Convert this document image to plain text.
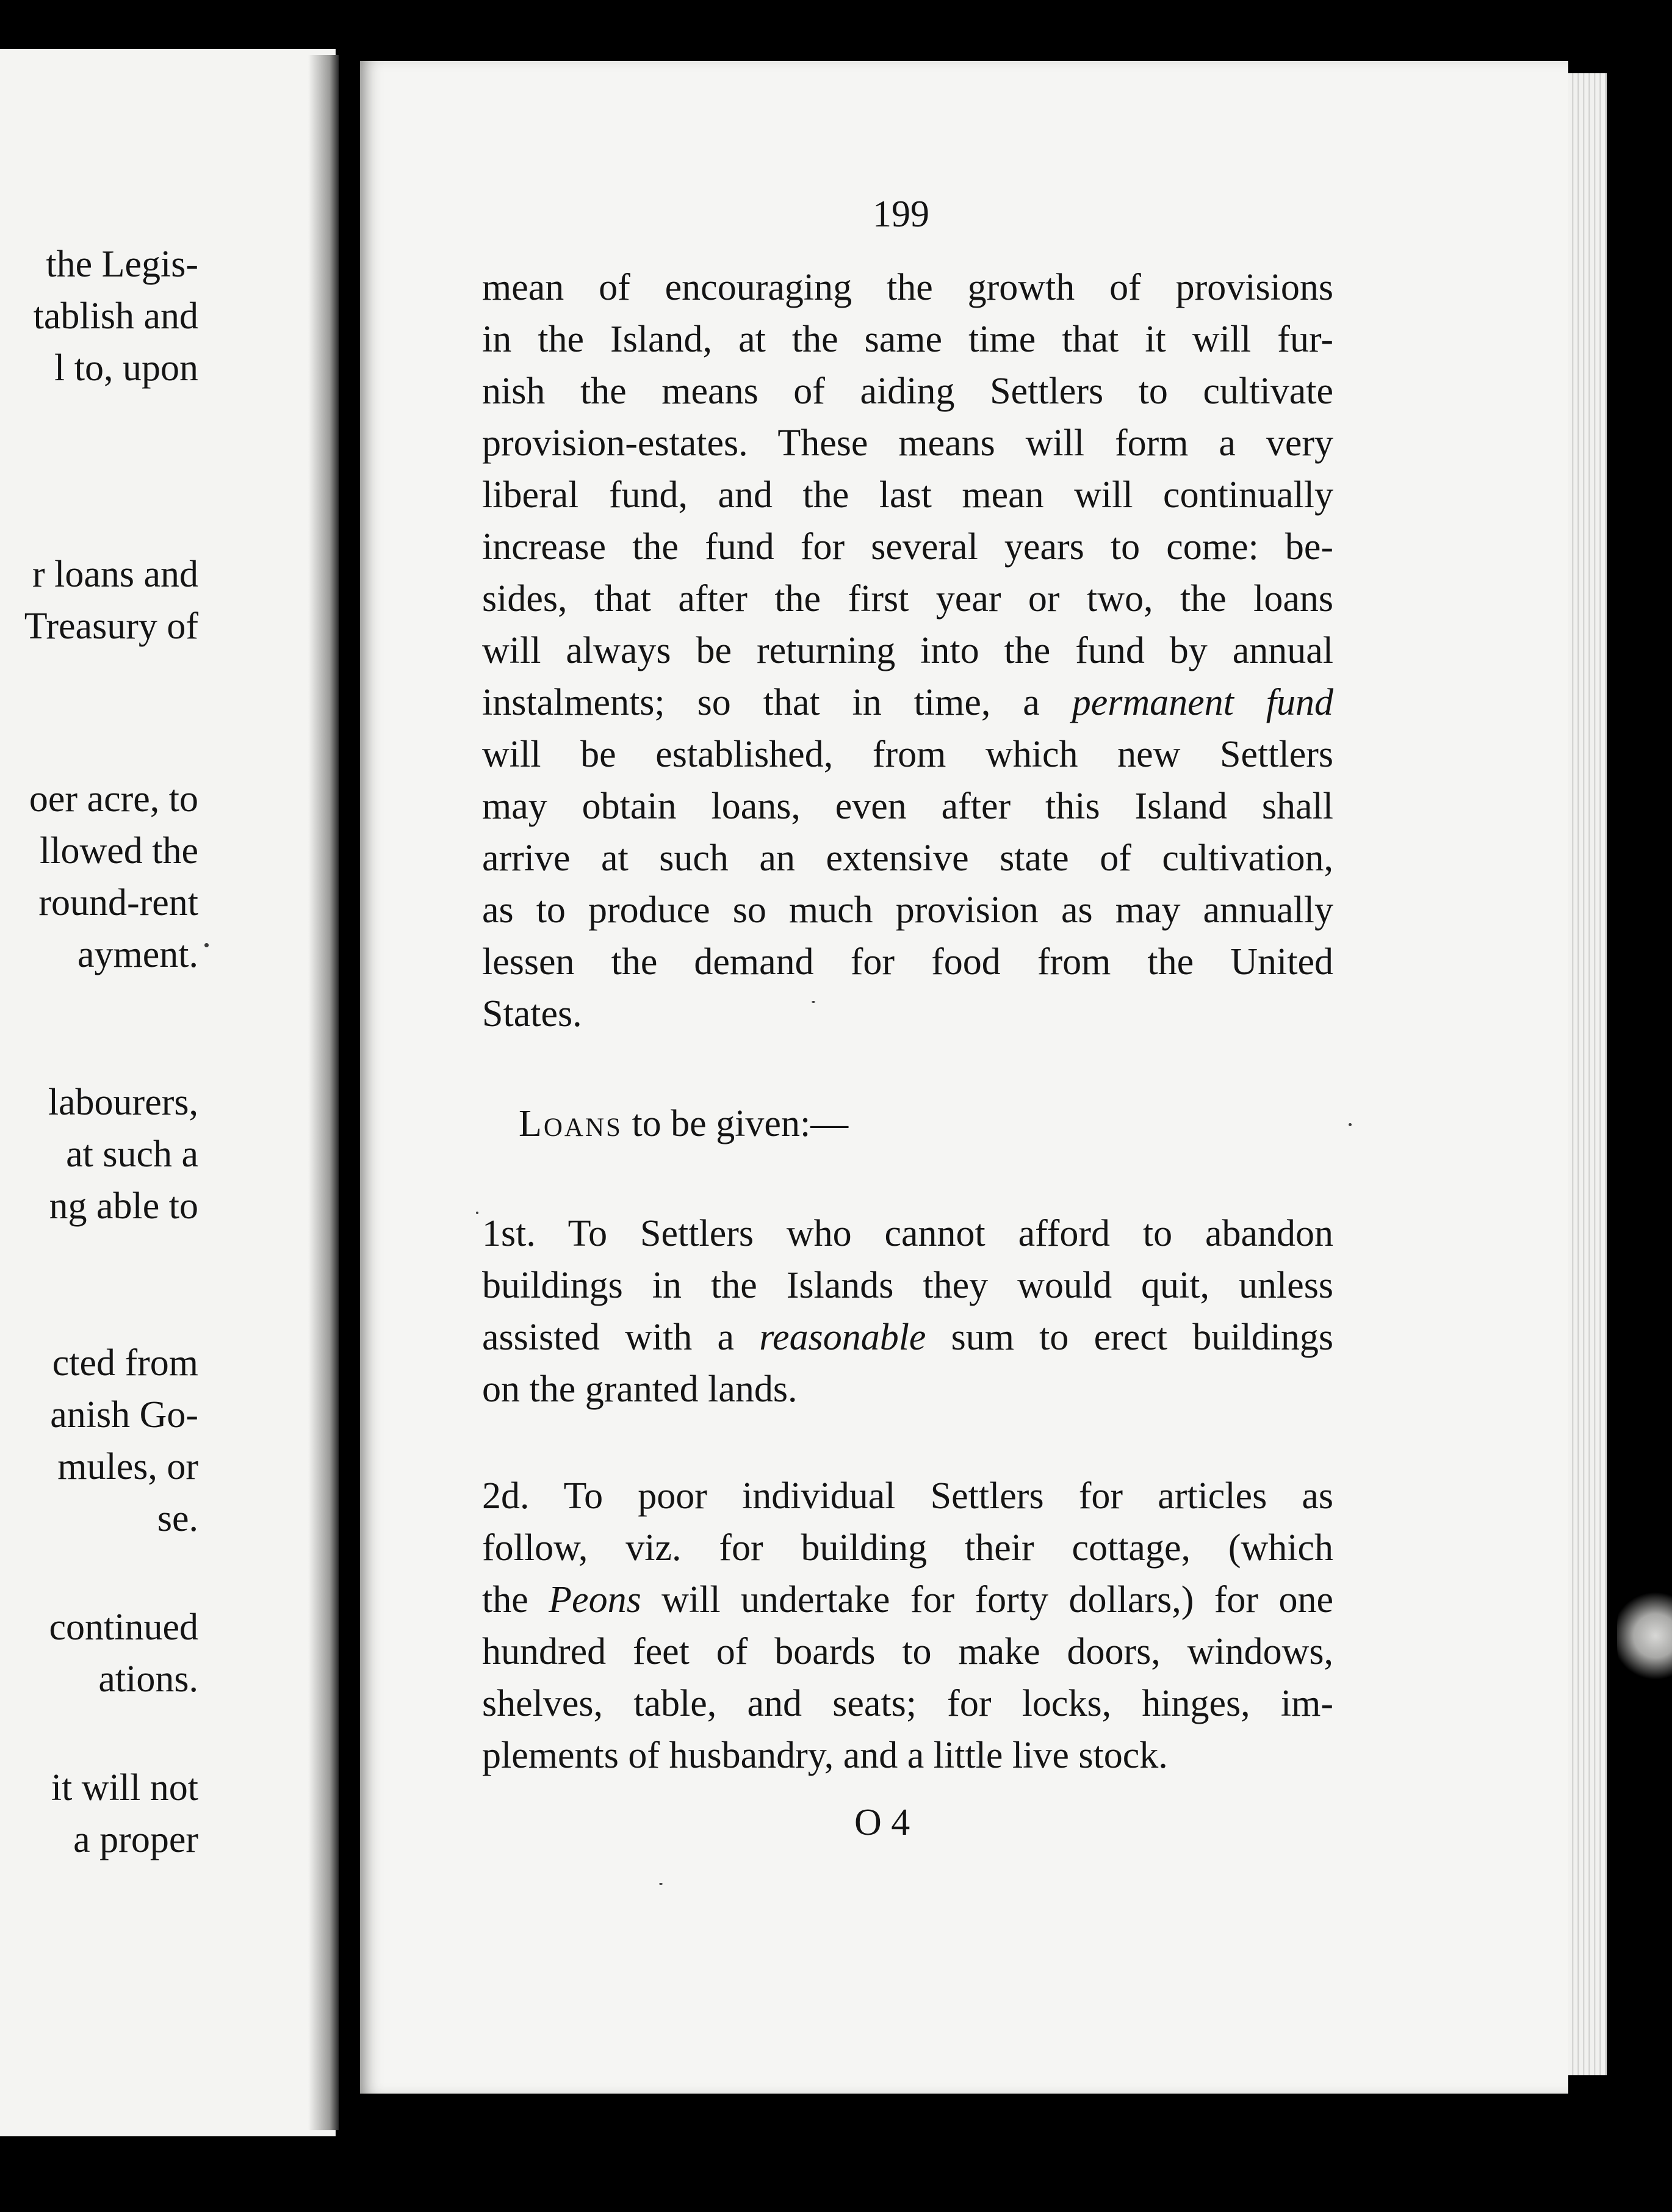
the Legis-
tablish and
l to, upon
r loans and
Treasury of
oer acre, to
llowed the
round-rent
ayment.
labourers,
at such a
ng able to
cted from
anish Go-
mules, or
se.
continued
ations.
it will not
a proper
199
mean of encouraging the growth of provisions
in the Island, at the same time that it will fur-
nish the means of aiding Settlers to cultivate
provision-estates. These means will form a very
liberal fund, and the last mean will continually
increase the fund for several years to come: be-
sides, that after the first year or two, the loans
will always be returning into the fund by annual
instalments; so that in time, a permanent fund
will be established, from which new Settlers
may obtain loans, even after this Island shall
arrive at such an extensive state of cultivation,
as to produce so much provision as may annually
lessen the demand for food from the United
States.
Loans to be given:—
1st. To Settlers who cannot afford to abandon
buildings in the Islands they would quit, unless
assisted with a reasonable sum to erect buildings
on the granted lands.
2d. To poor individual Settlers for articles as
follow, viz. for building their cottage, (which
the Peons will undertake for forty dollars,) for one
hundred feet of boards to make doors, windows,
shelves, table, and seats; for locks, hinges, im-
plements of husbandry, and a little live stock.
O 4
